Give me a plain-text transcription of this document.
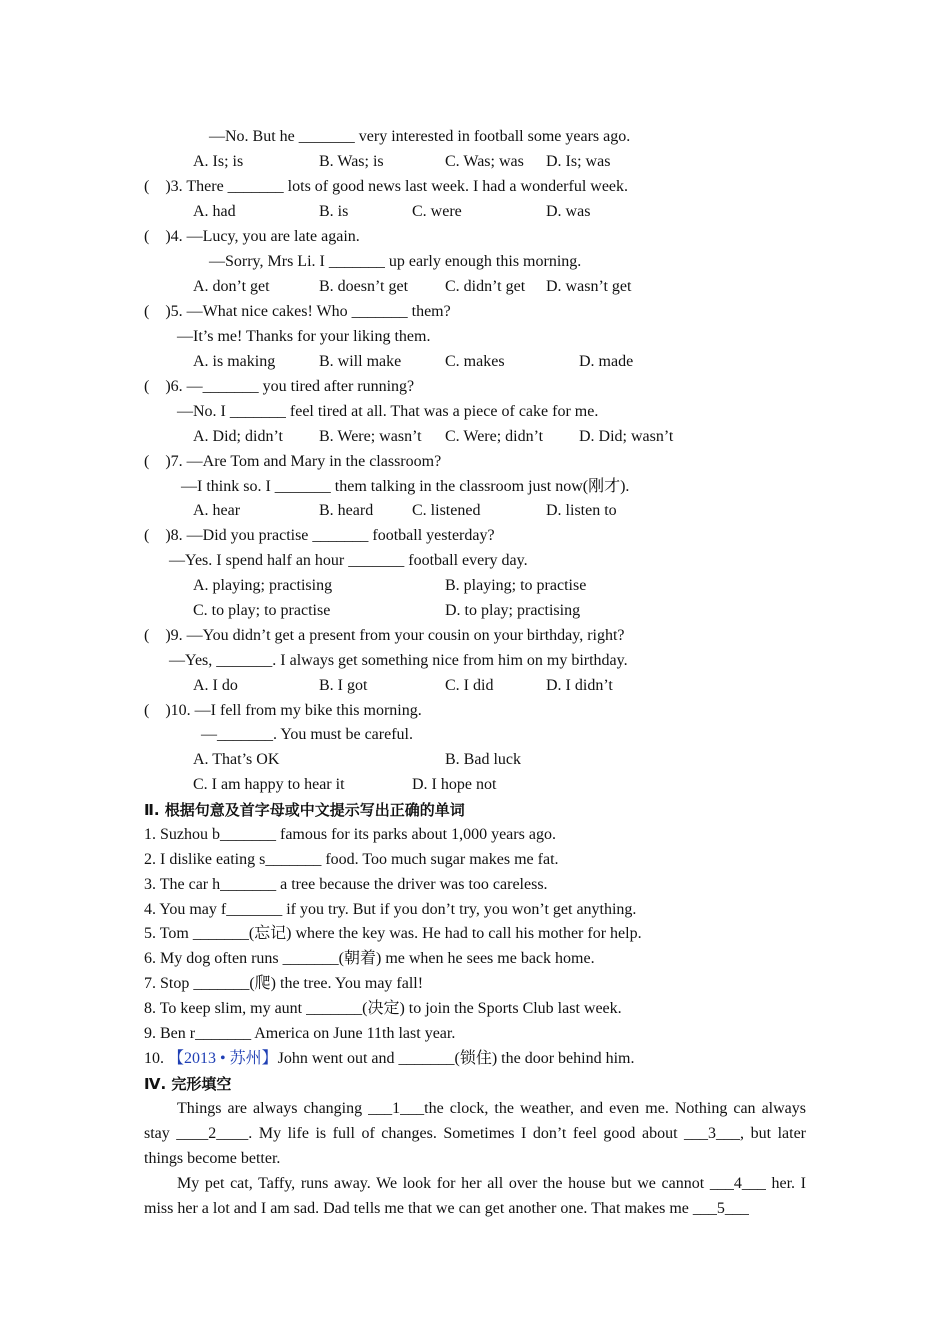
—No. But he _______ very interested in football some years ago.
A. Is; is	B. Was; is	C. Was; was D. Is; was
(    )3. There _______ lots of good news last week. I had a wonderful week.
A. had	B. is	C. were	D. was
(    )4. —Lucy, you are late again.
—Sorry, Mrs Li. I _______ up early enough this morning.
A. don’t get	B. doesn’t get C. didn’t get D. wasn’t get
(    )5. —What nice cakes! Who _______ them?
—It’s me! Thanks for your liking them.
A. is making	B. will make	C. makes	D. made
(    )6. —_______ you tired after running?
—No. I _______ feel tired at all. That was a piece of cake for me.
A. Did; didn’t B. Were; wasn’t C. Were; didn’t D. Did; wasn’t
(    )7. —Are Tom and Mary in the classroom?
—I think so. I _______ them talking in the classroom just now(刚才).
A. hear	B. heard C. listened	D. listen to
(    )8. —Did you practise _______ football yesterday?
—Yes. I spend half an hour _______ football every day.
A. playing; practising	B. playing; to practise
C. to play; to practise	D. to play; practising
(    )9. —You didn’t get a present from your cousin on your birthday, right?
—Yes, _______. I always get something nice from him on my birthday.
A. I do	B. I got	C. I did	D. I didn’t
(    )10. —I fell from my bike this morning.
—_______. You must be careful.
A. That’s OK	B. Bad luck
C. I am happy to hear it	D. I hope not
Ⅱ. 根据句意及首字母或中文提示写出正确的单词
1. Suzhou b_______ famous for its parks about 1,000 years ago.
2. I dislike eating s_______ food. Too much sugar makes me fat.
3. The car h_______ a tree because the driver was too careless.
4. You may f_______ if you try. But if you don’t try, you won’t get anything.
5. Tom _______(忘记) where the key was. He had to call his mother for help.
6. My dog often runs _______(朝着) me when he sees me back home.
7. Stop _______(爬) the tree. You may fall!
8. To keep slim, my aunt _______(决定) to join the Sports Club last week.
9. Ben r_______ America on June 11th last year.
10. 【2013 • 苏州】John went out and _______(锁住) the door behind him.
Ⅳ. 完形填空
Things are always changing ___1___the clock, the weather, and even me. Nothing can always stay ____2____. My life is full of changes. Sometimes I don’t feel good about ___3___, but later things become better.
My pet cat, Taffy, runs away. We look for her all over the house but we cannot ___4___ her. I miss her a lot and I am sad. Dad tells me that we can get another one. That makes me ___5___
